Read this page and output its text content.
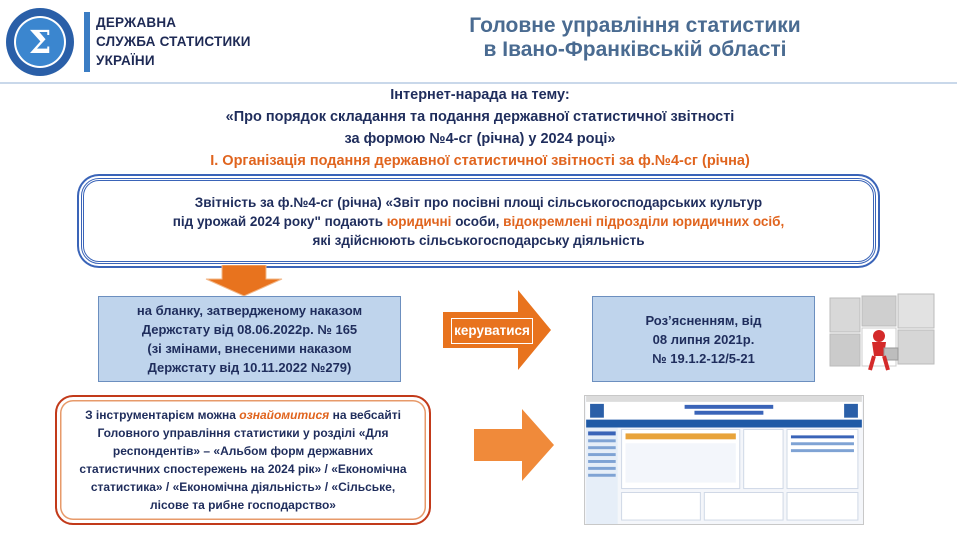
Σ
ДЕРЖАВНА
СЛУЖБА СТАТИСТИКИ
УКРАЇНИ
Головне управління статистики
в Івано-Франківській області
Інтернет-нарада на тему:
«Про порядок складання та подання державної статистичної звітності
за формою №4-сг (річна) у 2024 році»
І. Організація подання державної статистичної звітності за ф.№4-сг (річна)
Звітність за ф.№4-сг (річна) «Звіт про посівні площі сільськогосподарських культур
під урожай 2024 року" подають юридичні особи, відокремлені підрозділи юридичних осіб,
які здійснюють сільськогосподарську діяльність
на бланку, затвердженому наказом
Держстату від 08.06.2022р. № 165
(зі змінами, внесеними наказом
Держстату від 10.11.2022 №279)
керуватися
Роз’ясненням, від
08 липня 2021р.
№ 19.1.2-12/5-21
З інструментарієм можна ознайомитися на вебсайті Головного управління статистики у розділі «Для респондентів» – «Альбом форм державних статистичних спостережень на 2024 рік» / «Економічна статистика» / «Економічна діяльність» / «Сільське, лісове та рибне господарство»
